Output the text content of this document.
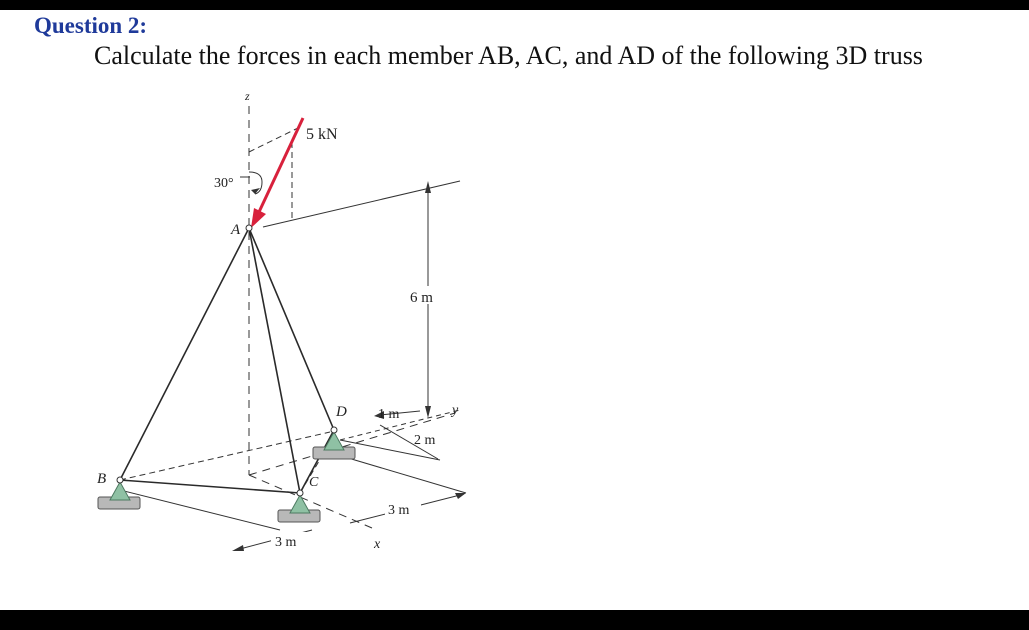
Question 2:
Calculate the forces in each member AB, AC, and AD of the following 3D truss
z
30°
5 kN
6 m
y
1 m
2 m
x
3 m
3 m
A
B	C
D
